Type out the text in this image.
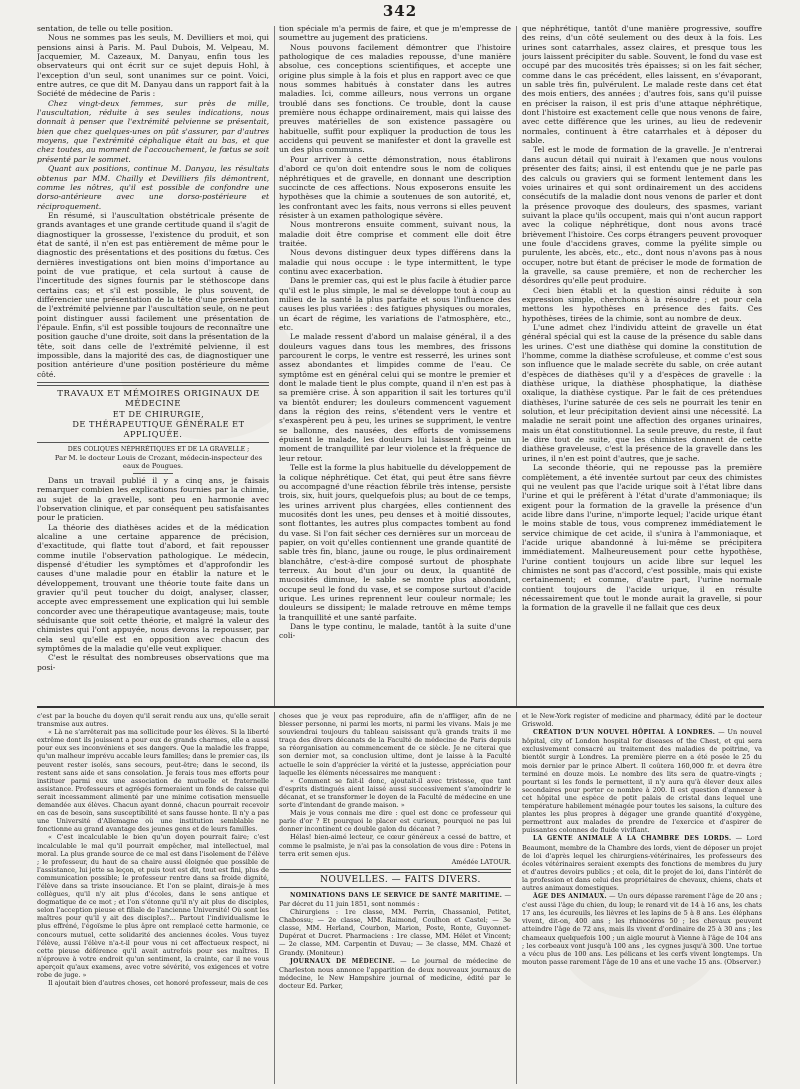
342

sentation, de telle ou telle position.

Nous ne sommes pas les seuls, M. Devilliers et moi, qui pensions ainsi à Paris. M. Paul Dubois, M. Velpeau, M. Jacquemier, M. Cazeaux, M. Danyau, enfin tous les observateurs qui ont écrit sur ce sujet depuis Hohl, à l'exception d'un seul, sont unanimes sur ce point. Voici, entre autres, ce que dit M. Danyau dans un rapport fait à la Société de médecine de Paris :

Chez vingt-deux femmes, sur près de mille, l'auscultation, réduite à ses seules indications, nous donnait à penser que l'extrémité pelvienne se présentait, bien que chez quelques-unes on pût s'assurer, par d'autres moyens, que l'extrémité céphalique était au bas, et que chez toutes, au moment de l'accouchement, le fœtus se soit présenté par le sommet.

Quant aux positions, continue M. Danyau, les résultats obtenus par MM. Chailly et Devilliers fils démontrent, comme les nôtres, qu'il est possible de confondre une dorso-antérieure avec une dorso-postérieure et réciproquement.

En résumé, si l'auscultation obstétricale présente de grands avantages et une grande certitude quand il s'agit de diagnostiquer la grossesse, l'existence du produit, et son état de santé, il n'en est pas entièrement de même pour le diagnostic des présentations et des positions du fœtus. Ces dernières investigations ont bien moins d'importance au point de vue pratique, et cela surtout à cause de l'incertitude des signes fournis par le stéthoscope dans certains cas; et s'il est possible, le plus souvent, de différencier une présentation de la tête d'une présentation de l'extrémité pelvienne par l'auscultation seule, on ne peut point distinguer aussi facilement une présentation de l'épaule. Enfin, s'il est possible toujours de reconnaître une position gauche d'une droite, soit dans la présentation de la tête, soit dans celle de l'extrémité pelvienne, il est impossible, dans la majorité des cas, de diagnostiquer une position antérieure d'une position postérieure du même côté.

TRAVAUX ET MÉMOIRES ORIGINAUX DE MÉDECINE

ET DE CHIRURGIE,

DE THÉRAPEUTIQUE GÉNÉRALE ET APPLIQUÉE.

DES COLIQUES NÉPHRÉTIQUES ET DE LA GRAVELLE ;

Par M. le docteur Louis de Crozant, médecin-inspecteur des eaux de Pougues.

Dans un travail publié il y a cinq ans, je faisais remarquer combien les explications fournies par la chimie, au sujet de la gravelle, sont peu en harmonie avec l'observation clinique, et par conséquent peu satisfaisantes pour le praticien.

La théorie des diathèses acides et de la médication alcaline a une certaine apparence de précision, d'exactitude, qui flatte tout d'abord, et fait repousser comme inutile l'observation pathologique. Le médecin, dispensé d'étudier les symptômes et d'approfondir les causes d'une maladie pour en établir la nature et le développement, trouvant une théorie toute faite dans un gravier qu'il peut toucher du doigt, analyser, classer, accepte avec empressement une explication qui lui semble concorder avec une thérapeutique avantageuse; mais, toute séduisante que soit cette théorie, et malgré la valeur des chimistes qui l'ont appuyée, nous devons la repousser, par cela seul qu'elle est en opposition avec chacun des symptômes de la maladie qu'elle veut expliquer.

C'est le résultat des nombreuses observations que ma posi-

tion spéciale m'a permis de faire, et que je m'empresse de soumettre au jugement des praticiens.

Nous pouvons facilement démontrer que l'histoire pathologique de ces maladies repousse, d'une manière absolue, ces conceptions scientifiques, et accepte une origine plus simple à la fois et plus en rapport avec ce que nous sommes habitués à constater dans les autres maladies. Ici, comme ailleurs, nous verrons un organe troublé dans ses fonctions. Ce trouble, dont la cause première nous échappe ordinairement, mais qui laisse des preuves matérielles de son existence passagère ou habituelle, suffit pour expliquer la production de tous les accidens qui peuvent se manifester et dont la gravelle est un des plus communs.

Pour arriver à cette démonstration, nous établirons d'abord ce qu'on doit entendre sous le nom de coliques néphrétiques et de gravelle, en donnant une description succincte de ces affections. Nous exposerons ensuite les hypothèses que la chimie a soutenues de son autorité, et, les confrontant avec les faits, nous verrons si elles peuvent résister à un examen pathologique sévère.

Nous montrerons ensuite comment, suivant nous, la maladie doit être comprise et comment elle doit être traitée.

Nous devons distinguer deux types différens dans la maladie qui nous occupe : le type intermittent, le type continu avec exacerbation.

Dans le premier cas, qui est le plus facile à étudier parce qu'il est le plus simple, le mal se développe tout à coup au milieu de la santé la plus parfaite et sous l'influence des causes les plus variées : des fatigues physiques ou morales, un écart de régime, les variations de l'atmosphère, etc., etc.

Le malade ressent d'abord un malaise général, il a des douleurs vagues dans tous les membres, des frissons parcourent le corps, le ventre est resserré, les urines sont assez abondantes et limpides comme de l'eau. Ce symptôme est en général celui qui se montre le premier et dont le malade tient le plus compte, quand il n'en est pas à sa première crise. À son apparition il sait les tortures qu'il va bientôt endurer; les douleurs commencent vaguement dans la région des reins, s'étendent vers le ventre et s'exaspèrent peu à peu, les urines se suppriment, le ventre se ballonne, des nausées, des efforts de vomissemens épuisent le malade, les douleurs lui laissent à peine un moment de tranquillité par leur violence et la fréquence de leur retour.

Telle est la forme la plus habituelle du développement de la colique néphrétique. Cet état, qui peut être sans fièvre ou accompagné d'une réaction fébrile très intense, persiste trois, six, huit jours, quelquefois plus; au bout de ce temps, les urines arrivent plus chargées, elles contiennent des mucosités dont les unes, peu denses et à moitié dissoutes, sont flottantes, les autres plus compactes tombent au fond du vase. Si l'on fait sécher ces dernières sur un morceau de papier, on voit qu'elles contiennent une grande quantité de sable très fin, blanc, jaune ou rouge, le plus ordinairement blanchâtre, c'est-à-dire composé surtout de phosphate terreux. Au bout d'un jour ou deux, la quantité de mucosités diminue, le sable se montre plus abondant, occupe seul le fond du vase, et se compose surtout d'acide urique. Les urines reprennent leur couleur normale; les douleurs se dissipent; le malade retrouve en même temps la tranquillité et une santé parfaite.

Dans le type continu, le malade, tantôt à la suite d'une coli-

que néphrétique, tantôt d'une manière progressive, souffre des reins, d'un côté seulement ou des deux à la fois. Les urines sont catarrhales, assez claires, et presque tous les jours laissent précipiter du sable. Souvent, le fond du vase est occupé par des mucosités très épaisses; si on les fait sécher, comme dans le cas précédent, elles laissent, en s'évaporant, un sable très fin, pulvérulent. Le malade reste dans cet état des mois entiers, des années ; d'autres fois, sans qu'il puisse en préciser la raison, il est pris d'une attaque néphrétique, dont l'histoire est exactement celle que nous venons de faire, avec cette différence que les urines, au lieu de redevenir normales, continuent à être catarrhales et à déposer du sable.

Tel est le mode de formation de la gravelle. Je n'entrerai dans aucun détail qui nuirait à l'examen que nous voulons présenter des faits; ainsi, il est entendu que je ne parle pas des calculs ou graviers qui se forment lentement dans les voies urinaires et qui sont ordinairement un des accidens consécutifs de la maladie dont nous venons de parler et dont la présence provoque des douleurs, des spasmes, variant suivant la place qu'ils occupent, mais qui n'ont aucun rapport avec la colique néphrétique, dont nous avons tracé brièvement l'histoire. Ces corps étrangers peuvent provoquer une foule d'accidens graves, comme la pyélite simple ou purulente, les abcès, etc., etc., dont nous n'avons pas à nous occuper, notre but étant de préciser le mode de formation de la gravelle, sa cause première, et non de rechercher les désordres qu'elle peut produire.

Ceci bien établi et la question ainsi réduite à son expression simple, cherchons à la résoudre ; et pour cela mettons les hypothèses en présence des faits. Ces hypothèses, tirées de la chimie, sont au nombre de deux.

L'une admet chez l'individu atteint de gravelle un état général spécial qui est la cause de la présence du sable dans les urines. C'est une diathèse qui domine la constitution de l'homme, comme la diathèse scrofuleuse, et comme c'est sous son influence que le malade secrète du sable, on crée autant d'espèces de diathèses qu'il y a d'espèces de gravelle : la diathèse urique, la diathèse phosphatique, la diathèse oxalique, la diathèse cystique. Par le fait de ces prétendues diathèses, l'urine saturée de ces sels ne pourrait les tenir en solution, et leur précipitation devient ainsi une nécessité. La maladie ne serait point une affection des organes urinaires, mais un état constitutionnel. La seule preuve, du reste, il faut le dire tout de suite, que les chimistes donnent de cette diathèse graveleuse, c'est la présence de la gravelle dans les urines, il n'en est point d'autres, que je sache.

La seconde théorie, qui ne repousse pas la première complètement, a été inventée surtout par ceux des chimistes qui ne veulent pas que l'acide urique soit à l'état libre dans l'urine et qui le préfèrent à l'état d'urate d'ammoniaque; ils exigent pour la formation de la gravelle la présence d'un acide libre dans l'urine, n'importe lequel; l'acide urique étant le moins stable de tous, vous comprenez immédiatement le service chimique de cet acide, il s'unira à l'ammoniaque, et l'acide urique abandonné à lui-même se précipitera immédiatement. Malheureusement pour cette hypothèse, l'urine contient toujours un acide libre sur lequel les chimistes ne sont pas d'accord, c'est possible, mais qui existe certainement; et comme, d'autre part, l'urine normale contient toujours de l'acide urique, il en résulte nécessairement que tout le monde aurait la gravelle, si pour la formation de la gravelle il ne fallait que ces deux

c'est par la bouche du doyen qu'il serait rendu aux uns, qu'elle serait transmise aux autres.

« Là ne s'arrêterait pas ma sollicitude pour les élèves. Si la liberté extrême dont ils jouissent a pour eux de grands charmes, elle a aussi pour eux ses inconvéniens et ses dangers. Que la maladie les frappe, qu'un malheur imprévu accable leurs familles; dans le premier cas, ils peuvent rester isolés, sans secours, peut-être; dans le second, ils restent sans aide et sans consolation. Je ferais tous mes efforts pour instituer parmi eux une association de mutuelle et fraternelle assistance. Professeurs et agrégés formeraient un fonds de caisse qui serait incessamment alimenté par une minime cotisation mensuelle demandée aux élèves. Chacun ayant donné, chacun pourrait recevoir en cas de besoin, sans susceptibilité et sans fausse honte. Il n'y a pas une Université d'Allemagne où une institution semblable ne fonctionne au grand avantage des jeunes gens et de leurs familles.

« C'est incalculable le bien qu'un doyen pourrait faire; c'est incalculable le mal qu'il pourrait empêcher, mal intellectuel, mal moral. La plus grande source de ce mal est dans l'isolement de l'élève ; le professeur, du haut de sa chaire aussi éloignée que possible de l'assistance, lui jette sa leçon, et puis tout est dit, tout est fini, plus de communication possible; le professeur rentre dans sa froide dignité, l'élève dans sa triste insouciance. Et l'on se plaint, dirais-je à mes collègues, qu'il n'y ait plus d'écoles, dans le sens antique et dogmatique de ce mot ; et l'on s'étonne qu'il n'y ait plus de disciples, selon l'acception pieuse et filiale de l'ancienne Université! Où sont les maîtres pour qu'il y ait des disciples?... Partout l'individualisme le plus effréné, l'égoïsme le plus âpre ont remplacé cette harmonie, ce concours mutuel, cette solidarité des anciennes écoles. Vous tuyez l'élève, aussi l'élève n'a-t-il pour vous ni cet affectueux respect, ni cette pieuse déférence qu'il avait autrefois pour ses maîtres. Il n'éprouve à votre endroit qu'un sentiment, la crainte, car il ne vous aperçoit qu'aux examens, avec votre sévérité, vos exigences et votre robe de juge. »

Il ajoutait bien d'autres choses, cet honoré professeur, mais de ces

choses que je veux pas reproduire, afin de n'affliger, afin de ne blesser personne, ni parmi les morts, ni parmi les vivans. Mais je me souviendrai toujours du tableau saisissant qu'à grands traits il me traça des divers décanats de la Faculté de médecine de Paris depuis sa réorganisation au commencement de ce siècle. Je ne citerai que son dernier mot, sa conclusion ultime, dont je laisse à la Faculté actuelle le soin d'apprécier la vérité et la justesse, appréciation pour laquelle les éléments nécessaires me manquent :

« Comment se fait-il donc, ajoutait-il avec tristesse, que tant d'esprits distingués aient laissé aussi successivement s'amoindrir le décanat, et se transformer le doyen de la Faculté de médecine en une sorte d'intendant de grande maison. »

Mais je vous connais me dire : quel est donc ce professeur qui parle d'or ? Et pourquoi le placer est curieux, pourquoi ne pas lui donner incontinent ce double galon du décanat ?

Hélas! bien-aimé lecteur, ce cœur généreux a cessé de battre, et comme le psalmiste, je n'ai pas la consolation de vous dire : Potens in terra erit semen ejus.

Amédée LATOUR.

NOUVELLES. — FAITS DIVERS.

NOMINATIONS DANS LE SERVICE DE SANTÉ MARITIME. — Par décret du 11 juin 1851, sont nommés :

Chirurgiens : 1re classe, MM. Perrin, Chassaniol, Petitet, Chabossu; — 2e classe, MM. Raimond, Coulhon et Castel; — 3e classe, MM. Herland, Courbon, Marion, Poste, Ronte, Guyonnet-Dupérat et Ducret. Pharmaciens : 1re classe, MM. Hélet et Vincent; — 2e classe, MM. Carpentin et Duvau; — 3e classe, MM. Chazé et Grandy. (Moniteur.)

JOURNAUX DE MÉDECINE. — Le journal de médecine de Charleston nous annonce l'apparition de deux nouveaux journaux de médecine, le New Hampshire journal of medicine, édité par le docteur Ed. Parker,

et le New-York register of medicine and pharmacy, édité par le docteur Griswold.

CRÉATION D'UN NOUVEL HÔPITAL À LONDRES. — Un nouvel hôpital, city of London hospital for diseases of the Chest, et qui sera exclusivement consacré au traitement des maladies de poitrine, va bientôt surgir à Londres. La première pierre en a été posée le 25 du mois dernier par le prince Albert. Il coûtera 160,000 fr. et devra être terminé en douze mois. Le nombre des lits sera de quatre-vingts ; pourtant si les fonds le permettent, il n'y aura qu'à élever deux ailes secondaires pour porter ce nombre à 200. Il est question d'annexer à cet hôpital une espèce de petit palais de cristal dans lequel une température habilement ménagée pour toutes les saisons, la culture des plantes les plus propres à dégager une grande quantité d'oxygène, permettront aux malades de prendre de l'exercice et d'aspirer de puissantes colonnes de fluide vivifiant.

LA GENTE ANIMALE À LA CHAMBRE DES LORDS. — Lord Beaumont, membre de la Chambre des lords, vient de déposer un projet de loi d'après lequel les chirurgiens-vétérinaires, les professeurs des écoles vétérinaires seraient exempts des fonctions de membres du jury et d'autres devoirs publics ; et cela, dit le projet de loi, dans l'intérêt de la profession et dans celui des propriétaires de chevaux, chiens, chats et autres animaux domestiques.

ÂGE DES ANIMAUX. — Un ours dépasse rarement l'âge de 20 ans ; c'est aussi l'âge du chien, du loup; le renard vit de 14 à 16 ans, les chats 17 ans, les écureuils, les lièvres et les lapins de 5 à 8 ans. Les éléphans vivent, dit-on, 400 ans ; les rhinocéros 50 ; les chevaux peuvent atteindre l'âge de 72 ans, mais ils vivent d'ordinaire de 25 à 30 ans ; les chameaux quelquefois 100 ; un aigle mourut à Vienne à l'âge de 104 ans ; les corbeaux vont jusqu'à 100 ans , les cygnes jusqu'à 300. Une tortue a vécu plus de 100 ans. Les pélicans et les cerfs vivent longtemps. Un mouton passe rarement l'âge de 10 ans et une vache 15 ans. (Observer.)
